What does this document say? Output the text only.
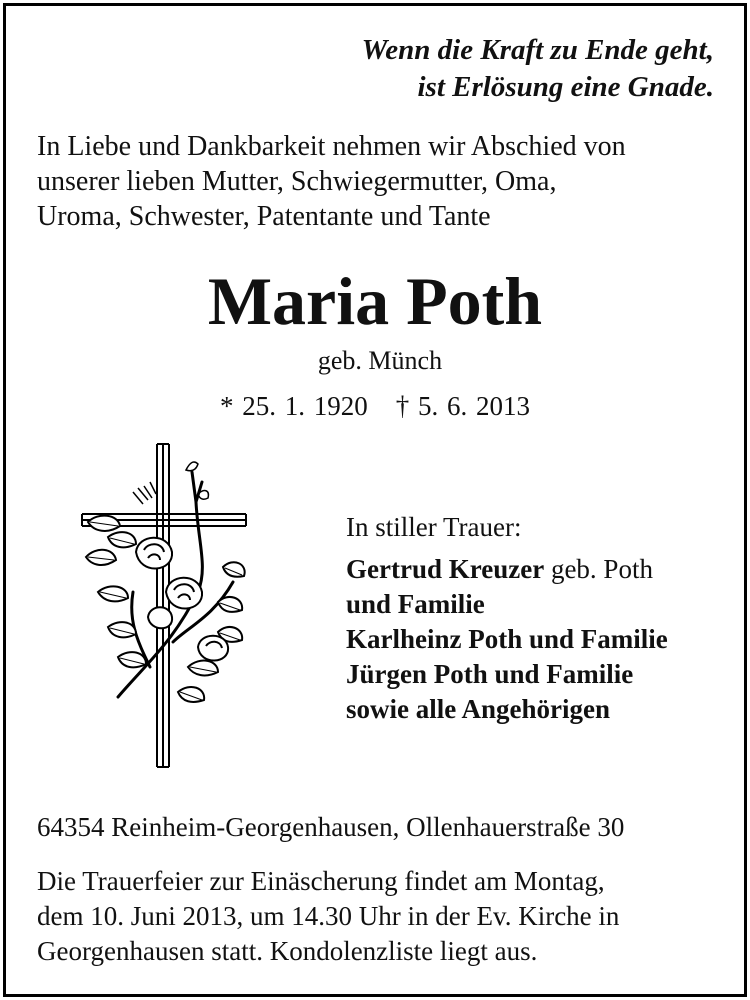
Wenn die Kraft zu Ende geht,
ist Erlösung eine Gnade.
In Liebe und Dankbarkeit nehmen wir Abschied von
unserer lieben Mutter, Schwiegermutter, Oma,
Uroma, Schwester, Patentante und Tante
Maria Poth
geb. Münch
* 25. 1. 1920 † 5. 6. 2013
In stiller Trauer:
Gertrud Kreuzer geb. Poth
und Familie
Karlheinz Poth und Familie
Jürgen Poth und Familie
sowie alle Angehörigen
64354 Reinheim-Georgenhausen, Ollenhauerstraße 30
Die Trauerfeier zur Einäscherung findet am Montag,
dem 10. Juni 2013, um 14.30 Uhr in der Ev. Kirche in
Georgenhausen statt. Kondolenzliste liegt aus.
